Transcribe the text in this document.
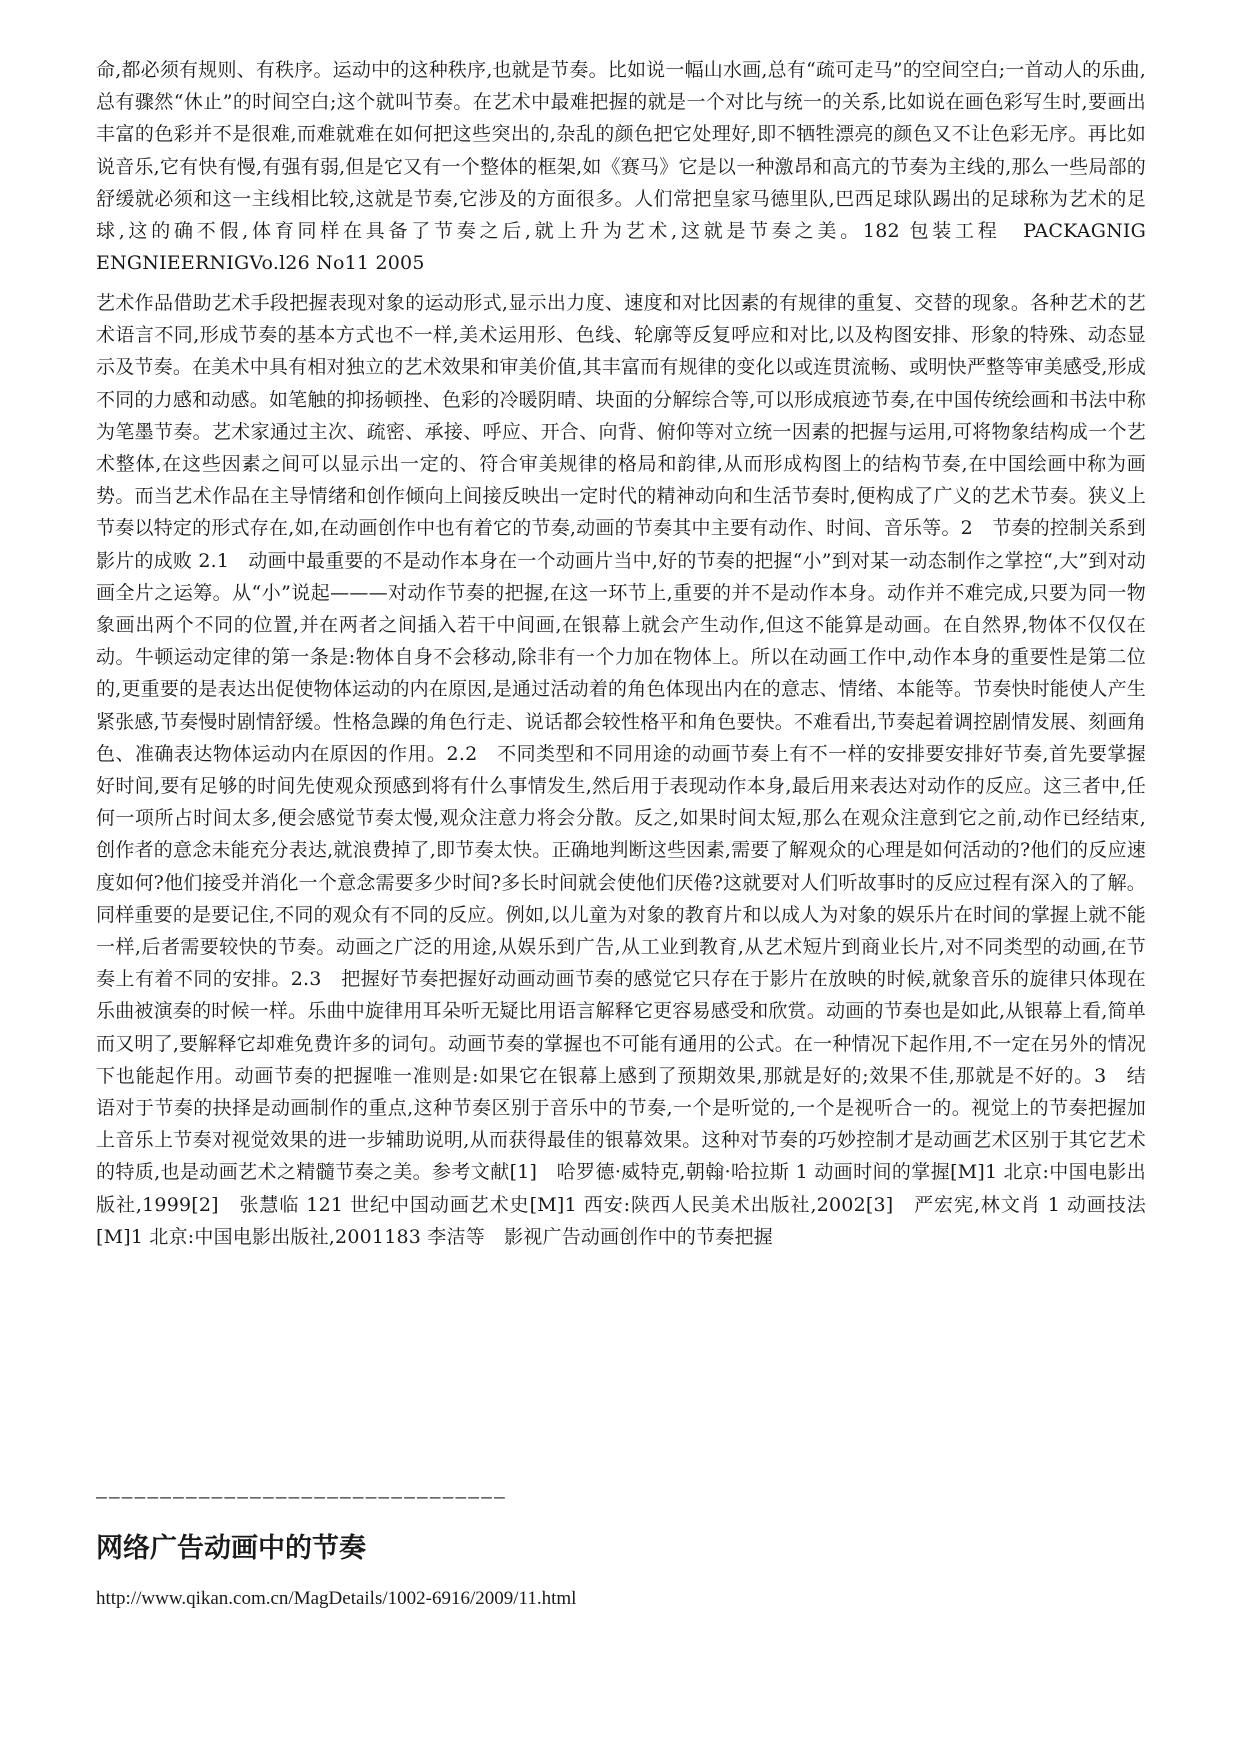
命,都必须有规则、有秩序。运动中的这种秩序,也就是节奏。比如说一幅山水画,总有“疏可走马”的空间空白;一首动人的乐曲,总有骤然“休止”的时间空白;这个就叫节奏。在艺术中最难把握的就是一个对比与统一的关系,比如说在画色彩写生时,要画出丰富的色彩并不是很难,而难就难在如何把这些突出的,杂乱的颜色把它处理好,即不牺牲漂亮的颜色又不让色彩无序。再比如说音乐,它有快有慢,有强有弱,但是它又有一个整体的框架,如《赛马》它是以一种激昂和高亢的节奏为主线的,那么一些局部的舒缓就必须和这一主线相比较,这就是节奏,它涉及的方面很多。人们常把皇家马德里队,巴西足球队踢出的足球称为艺术的足球,这的确不假,体育同样在具备了节奏之后,就上升为艺术,这就是节奏之美。182 包装工程　PACKAGNIG ENGNIEERNIGVo.l26 No11 2005

艺术作品借助艺术手段把握表现对象的运动形式,显示出力度、速度和对比因素的有规律的重复、交替的现象。各种艺术的艺术语言不同,形成节奏的基本方式也不一样,美术运用形、色线、轮廓等反复呼应和对比,以及构图安排、形象的特殊、动态显示及节奏。在美术中具有相对独立的艺术效果和审美价值,其丰富而有规律的变化以或连贯流畅、或明快严整等审美感受,形成不同的力感和动感。如笔触的抑扬顿挫、色彩的冷暖阴晴、块面的分解综合等,可以形成痕迹节奏,在中国传统绘画和书法中称为笔墨节奏。艺术家通过主次、疏密、承接、呼应、开合、向背、俯仰等对立统一因素的把握与运用,可将物象结构成一个艺术整体,在这些因素之间可以显示出一定的、符合审美规律的格局和韵律,从而形成构图上的结构节奏,在中国绘画中称为画势。而当艺术作品在主导情绪和创作倾向上间接反映出一定时代的精神动向和生活节奏时,便构成了广义的艺术节奏。狭义上节奏以特定的形式存在,如,在动画创作中也有着它的节奏,动画的节奏其中主要有动作、时间、音乐等。2　节奏的控制关系到影片的成败 2.1　动画中最重要的不是动作本身在一个动画片当中,好的节奏的把握“小”到对某一动态制作之掌控“,大”到对动画全片之运筹。从“小”说起———对动作节奏的把握,在这一环节上,重要的并不是动作本身。动作并不难完成,只要为同一物象画出两个不同的位置,并在两者之间插入若干中间画,在银幕上就会产生动作,但这不能算是动画。在自然界,物体不仅仅在动。牛顿运动定律的第一条是:物体自身不会移动,除非有一个力加在物体上。所以在动画工作中,动作本身的重要性是第二位的,更重要的是表达出促使物体运动的内在原因,是通过活动着的角色体现出内在的意志、情绪、本能等。节奏快时能使人产生紧张感,节奏慢时剧情舒缓。性格急躁的角色行走、说话都会较性格平和角色要快。不难看出,节奏起着调控剧情发展、刻画角色、准确表达物体运动内在原因的作用。2.2　不同类型和不同用途的动画节奏上有不一样的安排要安排好节奏,首先要掌握好时间,要有足够的时间先使观众预感到将有什么事情发生,然后用于表现动作本身,最后用来表达对动作的反应。这三者中,任何一项所占时间太多,便会感觉节奏太慢,观众注意力将会分散。反之,如果时间太短,那么在观众注意到它之前,动作已经结束,创作者的意念未能充分表达,就浪费掉了,即节奏太快。正确地判断这些因素,需要了解观众的心理是如何活动的?他们的反应速度如何?他们接受并消化一个意念需要多少时间?多长时间就会使他们厌倦?这就要对人们听故事时的反应过程有深入的了解。同样重要的是要记住,不同的观众有不同的反应。例如,以儿童为对象的教育片和以成人为对象的娱乐片在时间的掌握上就不能一样,后者需要较快的节奏。动画之广泛的用途,从娱乐到广告,从工业到教育,从艺术短片到商业长片,对不同类型的动画,在节奏上有着不同的安排。2.3　把握好节奏把握好动画动画节奏的感觉它只存在于影片在放映的时候,就象音乐的旋律只体现在乐曲被演奏的时候一样。乐曲中旋律用耳朵听无疑比用语言解释它更容易感受和欣赏。动画的节奏也是如此,从银幕上看,简单而又明了,要解释它却难免费许多的词句。动画节奏的掌握也不可能有通用的公式。在一种情况下起作用,不一定在另外的情况下也能起作用。动画节奏的把握唯一准则是:如果它在银幕上感到了预期效果,那就是好的;效果不佳,那就是不好的。3　结　语对于节奏的抉择是动画制作的重点,这种节奏区别于音乐中的节奏,一个是听觉的,一个是视听合一的。视觉上的节奏把握加上音乐上节奏对视觉效果的进一步辅助说明,从而获得最佳的银幕效果。这种对节奏的巧妙控制才是动画艺术区别于其它艺术的特质,也是动画艺术之精髓节奏之美。参考文献[1]　哈罗德·威特克,朝翰·哈拉斯 1 动画时间的掌握[M]1 北京:中国电影出版社,1999[2]　张慧临 121 世纪中国动画艺术史[M]1 西安:陕西人民美术出版社,2002[3]　严宏宪,林文肖 1 动画技法[M]1 北京:中国电影出版社,2001183 李洁等　影视广告动画创作中的节奏把握

————————————————————————————————
网络广告动画中的节奏
http://www.qikan.com.cn/MagDetails/1002-6916/2009/11.html
